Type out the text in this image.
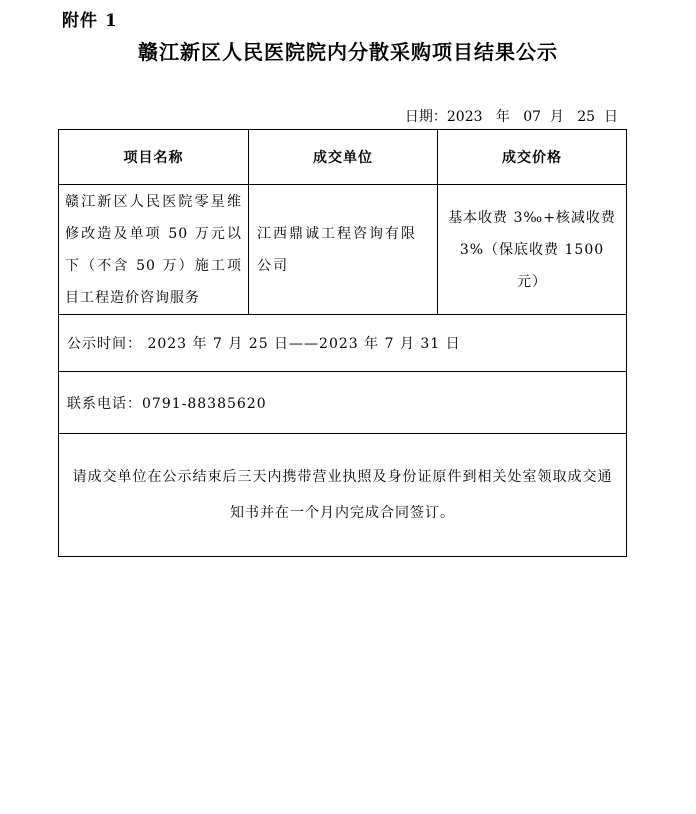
附件 1
赣江新区人民医院院内分散采购项目结果公示
日期：2023   年   07  月   25  日
项目名称	成交单位	成交价格
赣江新区人民医院零星维修改造及单项 50 万元以下（不含 50 万）施工项目工程造价咨询服务	江西鼎诚工程咨询有限公司	基本收费 3‰+核减收费 3%（保底收费 1500 元）
公示时间： 2023 年 7 月 25 日——2023 年 7 月 31 日		
联系电话：0791-88385620		
请成交单位在公示结束后三天内携带营业执照及身份证原件到相关处室领取成交通知书并在一个月内完成合同签订。		
